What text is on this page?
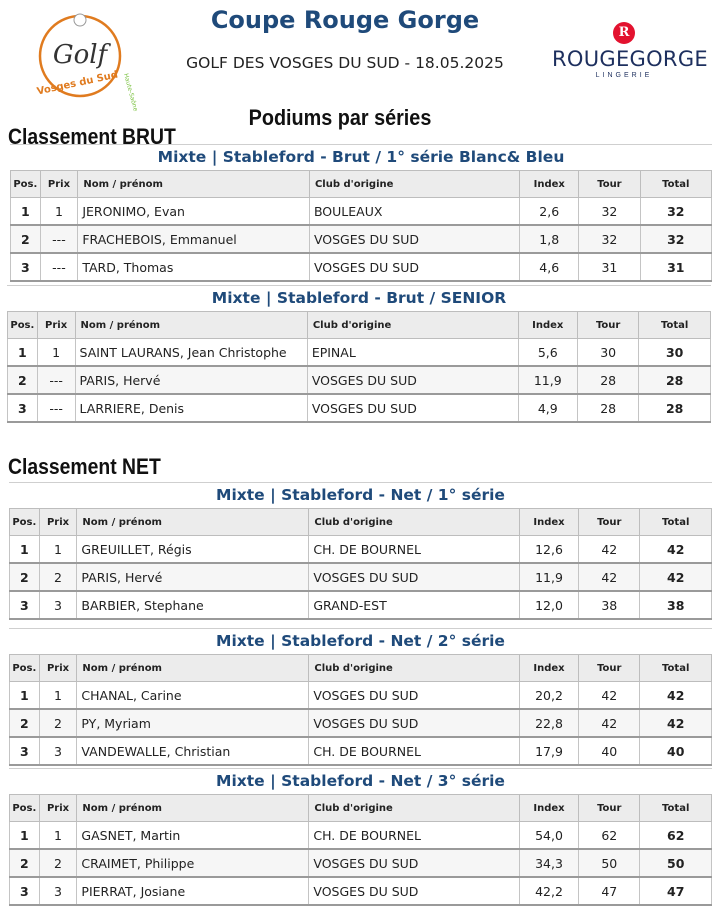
Golf
Vosges du Sud Haute-Saône
Coupe Rouge Gorge
GOLF DES VOSGES DU SUD - 18.05.2025
R
ROUGEGORGE
LINGERIE
Podiums par séries
Classement BRUT
Classement NET
Mixte | Stableford - Brut / 1° série Blanc& Bleu
Pos.	Prix	Nom / prénom	Club d'origine	Index	Tour	Total
1	1	JERONIMO, Evan	BOULEAUX	2,6	32	32
2	---	FRACHEBOIS, Emmanuel	VOSGES DU SUD	1,8	32	32
3	---	TARD, Thomas	VOSGES DU SUD	4,6	31	31
Mixte | Stableford - Brut / SENIOR
Pos.	Prix	Nom / prénom	Club d'origine	Index	Tour	Total
1	1	SAINT LAURANS, Jean Christophe	EPINAL	5,6	30	30
2	---	PARIS, Hervé	VOSGES DU SUD	11,9	28	28
3	---	LARRIERE, Denis	VOSGES DU SUD	4,9	28	28
Mixte | Stableford - Net / 1° série
Pos.	Prix	Nom / prénom	Club d'origine	Index	Tour	Total
1	1	GREUILLET, Régis	CH. DE BOURNEL	12,6	42	42
2	2	PARIS, Hervé	VOSGES DU SUD	11,9	42	42
3	3	BARBIER, Stephane	GRAND-EST	12,0	38	38
Mixte | Stableford - Net / 2° série
Pos.	Prix	Nom / prénom	Club d'origine	Index	Tour	Total
1	1	CHANAL, Carine	VOSGES DU SUD	20,2	42	42
2	2	PY, Myriam	VOSGES DU SUD	22,8	42	42
3	3	VANDEWALLE, Christian	CH. DE BOURNEL	17,9	40	40
Mixte | Stableford - Net / 3° série
Pos.	Prix	Nom / prénom	Club d'origine	Index	Tour	Total
1	1	GASNET, Martin	CH. DE BOURNEL	54,0	62	62
2	2	CRAIMET, Philippe	VOSGES DU SUD	34,3	50	50
3	3	PIERRAT, Josiane	VOSGES DU SUD	42,2	47	47
